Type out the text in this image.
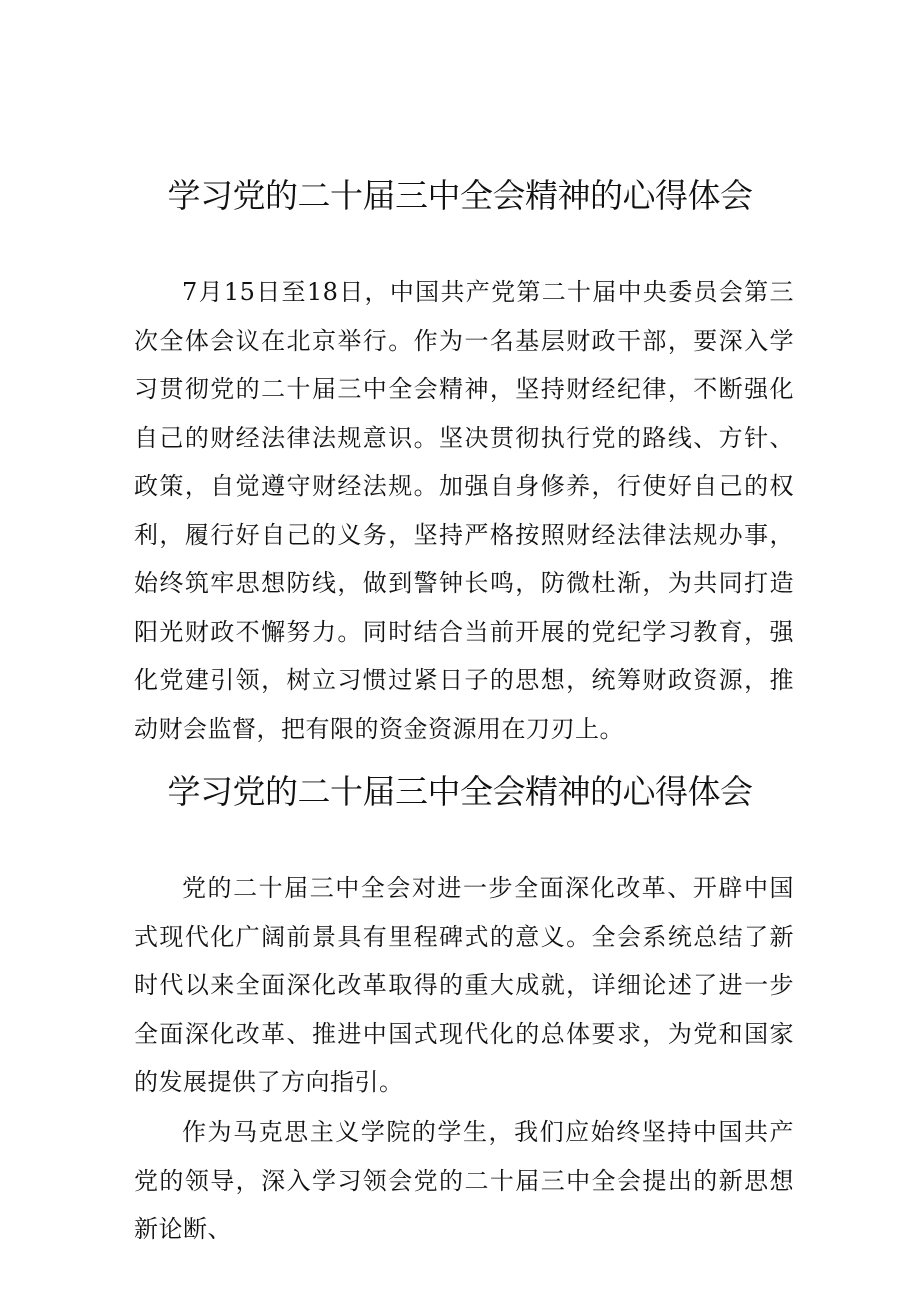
学习党的二十届三中全会精神的心得体会

7月15日至18日，中国共产党第二十届中央委员会第三次全体会议在北京举行。作为一名基层财政干部，要深入学习贯彻党的二十届三中全会精神，坚持财经纪律，不断强化自己的财经法律法规意识。坚决贯彻执行党的路线、方针、政策，自觉遵守财经法规。加强自身修养，行使好自己的权利，履行好自己的义务，坚持严格按照财经法律法规办事，始终筑牢思想防线，做到警钟长鸣，防微杜渐，为共同打造阳光财政不懈努力。同时结合当前开展的党纪学习教育，强化党建引领，树立习惯过紧日子的思想，统筹财政资源，推动财会监督，把有限的资金资源用在刀刃上。

学习党的二十届三中全会精神的心得体会

党的二十届三中全会对进一步全面深化改革、开辟中国式现代化广阔前景具有里程碑式的意义。全会系统总结了新时代以来全面深化改革取得的重大成就，详细论述了进一步全面深化改革、推进中国式现代化的总体要求，为党和国家的发展提供了方向指引。

作为马克思主义学院的学生，我们应始终坚持中国共产党的领导，深入学习领会党的二十届三中全会提出的新思想新论断、
